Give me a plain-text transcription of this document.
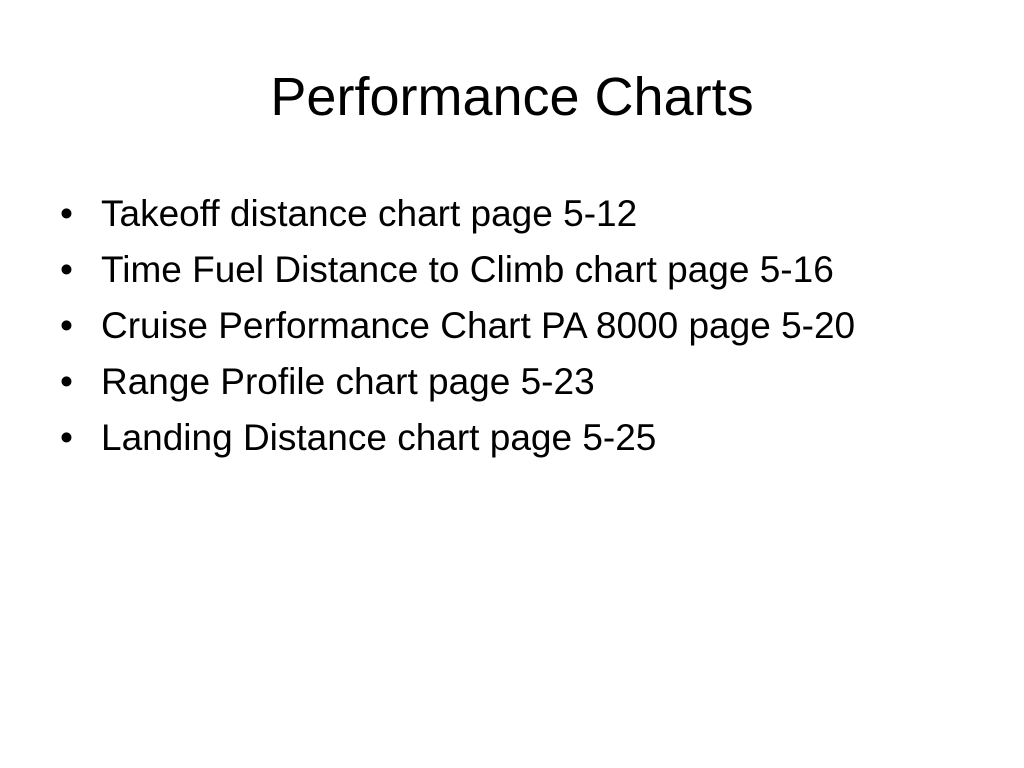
Performance Charts
• Takeoff distance chart page 5-12
• Time Fuel Distance to Climb chart page 5-16
• Cruise Performance Chart PA 8000 page 5-20
• Range Profile chart page 5-23
• Landing Distance chart page 5-25
